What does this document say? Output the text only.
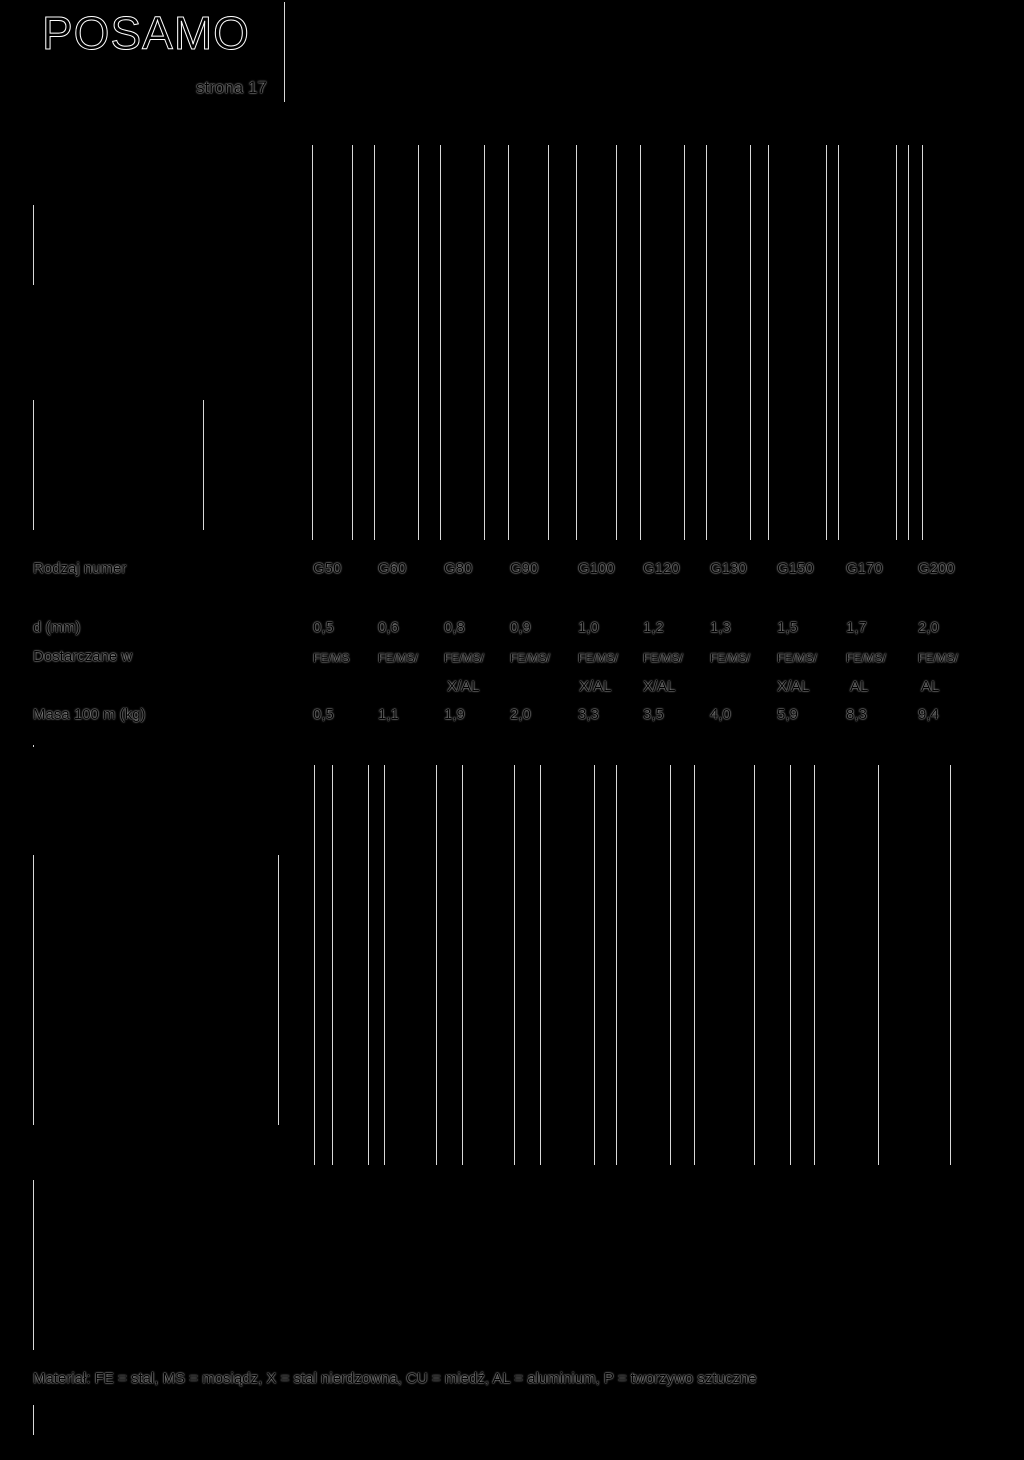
POSAMO
strona 17
Rodzaj numer
d (mm)
Dostarczane w
Masa 100 m (kg)
G50
0,5
FE/MS
0,5
G60
0,6
FE/MS/
1,1
G80
0,8
FE/MS/
X/AL
1,9
G90
0,9
FE/MS/
2,0
G100
1,0
FE/MS/
X/AL
3,3
G120
1,2
FE/MS/
X/AL
3,5
G130
1,3
FE/MS/
4,0
G150
1,5
FE/MS/
X/AL
5,9
G170
1,7
FE/MS/
AL
8,3
G200
2,0
FE/MS/
AL
9,4
Materiał: FE = stal, MS = mosiądz, X = stal nierdzowna, CU = miedź, AL = aluminium, P = tworzywo sztuczne
